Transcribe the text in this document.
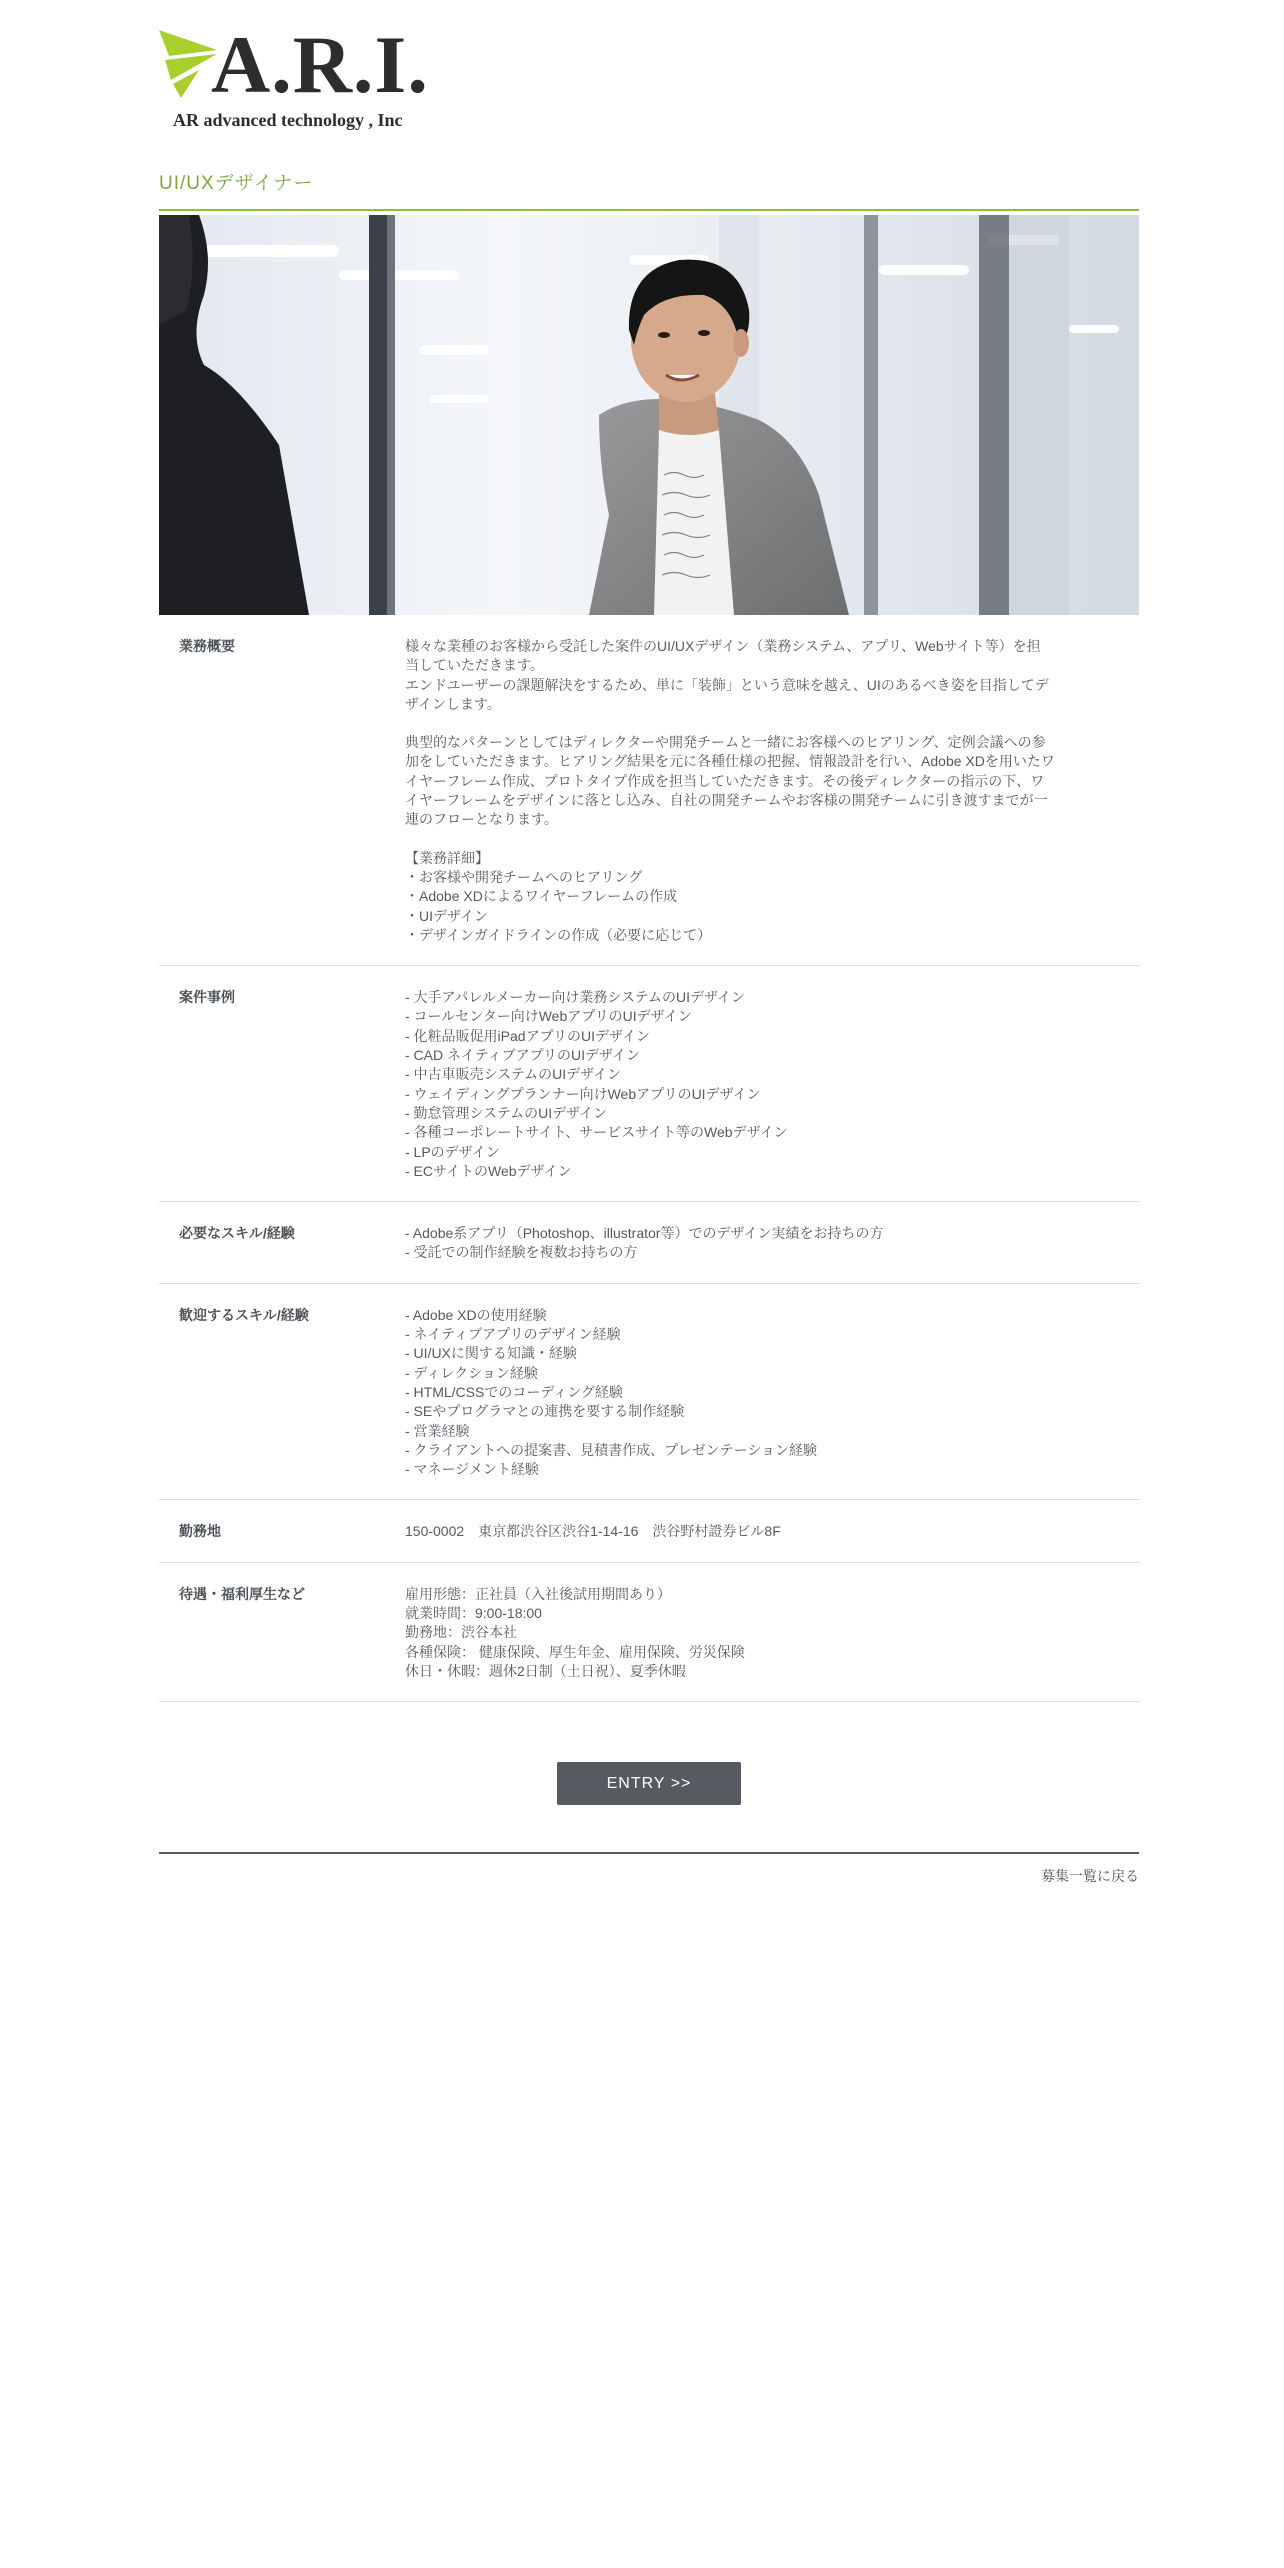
A.R.I.
AR advanced technology , Inc
UI/UXデザイナー
業務概要	様々な業種のお客様から受託した案件のUI/UXデザイン（業務システム、アプリ、Webサイト等）を担

当していただきます。

エンドユーザーの課題解決をするため、単に「装飾」という意味を越え、UIのあるべき姿を目指してデ

ザインします。

典型的なパターンとしてはディレクターや開発チームと一緒にお客様へのヒアリング、定例会議への参

加をしていただきます。ヒアリング結果を元に各種仕様の把握、情報設計を行い、Adobe XDを用いたワ

イヤーフレーム作成、プロトタイプ作成を担当していただきます。その後ディレクターの指示の下、ワ

イヤーフレームをデザインに落とし込み、自社の開発チームやお客様の開発チームに引き渡すまでが一

連のフローとなります。

【業務詳細】

・お客様や開発チームへのヒアリング

・Adobe XDによるワイヤーフレームの作成

・UIデザイン

・デザインガイドラインの作成（必要に応じて）

案件事例	- 大手アパレルメーカー向け業務システムのUIデザイン

- コールセンター向けWebアプリのUIデザイン

- 化粧品販促用iPadアプリのUIデザイン

- CAD ネイティブアプリのUIデザイン

- 中古車販売システムのUIデザイン

- ウェイディングプランナー向けWebアプリのUIデザイン

- 勤怠管理システムのUIデザイン

- 各種コーポレートサイト、サービスサイト等のWebデザイン

- LPのデザイン

- ECサイトのWebデザイン

必要なスキル/経験	- Adobe系アプリ（Photoshop、illustrator等）でのデザイン実績をお持ちの方

- 受託での制作経験を複数お持ちの方

歓迎するスキル/経験	- Adobe XDの使用経験

- ネイティブアプリのデザイン経験

- UI/UXに関する知識・経験

- ディレクション経験

- HTML/CSSでのコーディング経験

- SEやプログラマとの連携を要する制作経験

- 営業経験

- クライアントへの提案書、見積書作成、プレゼンテーション経験

- マネージメント経験

勤務地	150-0002　東京都渋谷区渋谷1-14-16　渋谷野村證券ビル8F

待遇・福利厚生など	雇用形態：正社員（入社後試用期間あり）

就業時間：9:00-18:00

勤務地：渋谷本社

各種保険： 健康保険、厚生年金、雇用保険、労災保険

休日・休暇：週休2日制（土日祝）、夏季休暇

ENTRY >>
募集一覧に戻る
